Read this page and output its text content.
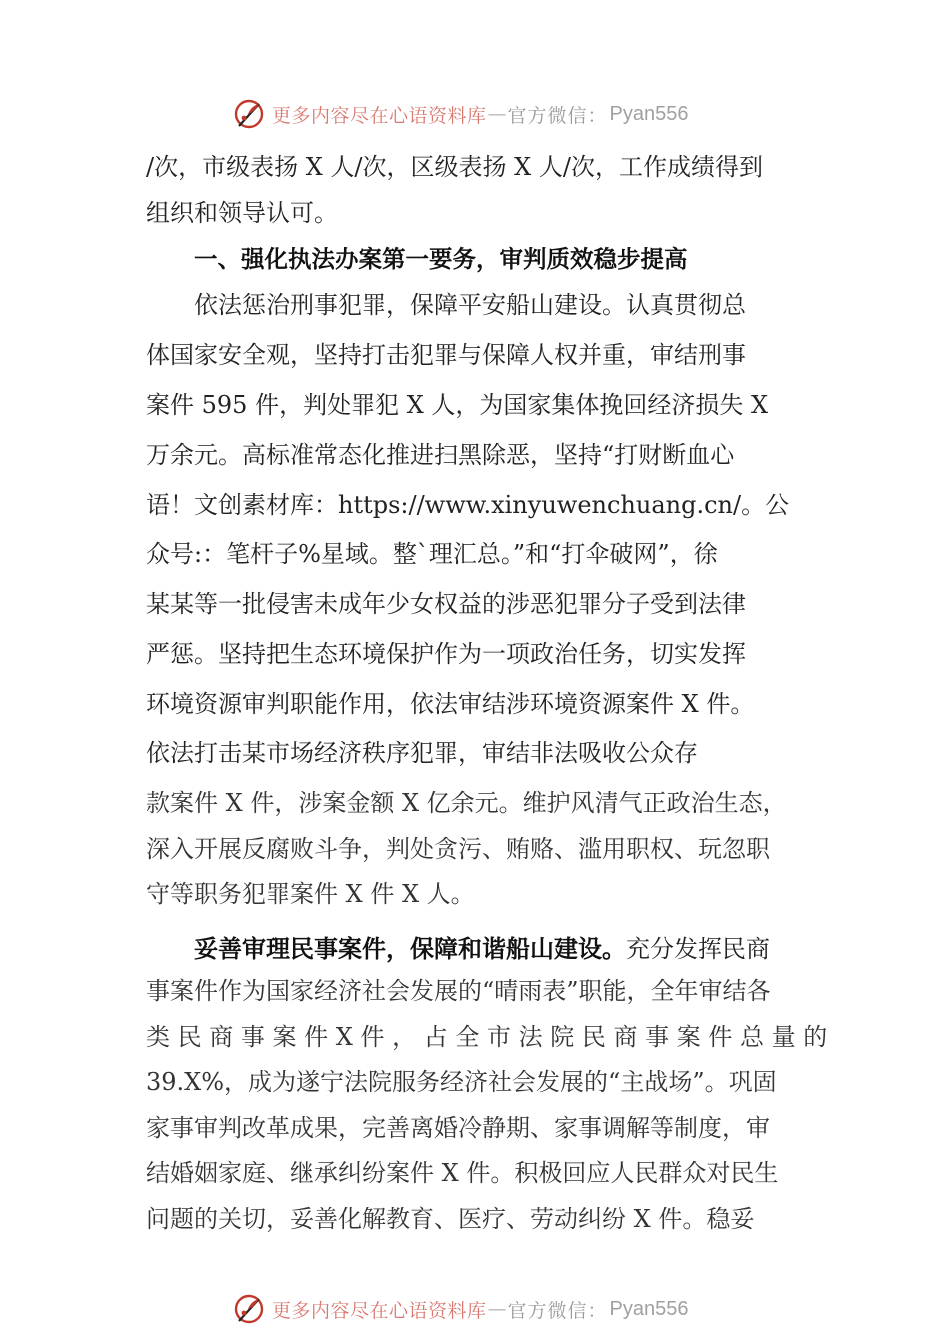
更多内容尽在心语资料库 — 官方微信： Pyan556
/次，市级表扬 X 人/次，区级表扬 X 人/次，工作成绩得到
组织和领导认可。
一、强化执法办案第一要务，审判质效稳步提高
依法惩治刑事犯罪，保障平安船山建设。认真贯彻总
体国家安全观，坚持打击犯罪与保障人权并重，审结刑事
案件 595 件，判处罪犯 X 人，为国家集体挽回经济损失 X
万余元。高标准常态化推进扫黑除恶，坚持“打财断血心
语！文创素材库：https://www.xinyuwenchuang.cn/。公
众号:：笔杆子%星域。整`理汇总。”和“打伞破网”，徐
某某等一批侵害未成年少女权益的涉恶犯罪分子受到法律
严惩。坚持把生态环境保护作为一项政治任务，切实发挥
环境资源审判职能作用，依法审结涉环境资源案件 X 件。
依法打击某市场经济秩序犯罪，审结非法吸收公众存
款案件 X 件，涉案金额 X 亿余元。维护风清气正政治生态，
深入开展反腐败斗争，判处贪污、贿赂、滥用职权、玩忽职
守等职务犯罪案件 X 件 X 人。
妥善审理民事案件，保障和谐船山建设。充分发挥民商
事案件作为国家经济社会发展的“晴雨表”职能，全年审结各
类 民 商 事 案 件 X 件 ， 占 全 市 法 院 民 商 事 案 件 总 量 的
39.X%，成为遂宁法院服务经济社会发展的“主战场”。巩固
家事审判改革成果，完善离婚冷静期、家事调解等制度，审
结婚姻家庭、继承纠纷案件 X 件。积极回应人民群众对民生
问题的关切，妥善化解教育、医疗、劳动纠纷 X 件。稳妥
更多内容尽在心语资料库 — 官方微信： Pyan556
